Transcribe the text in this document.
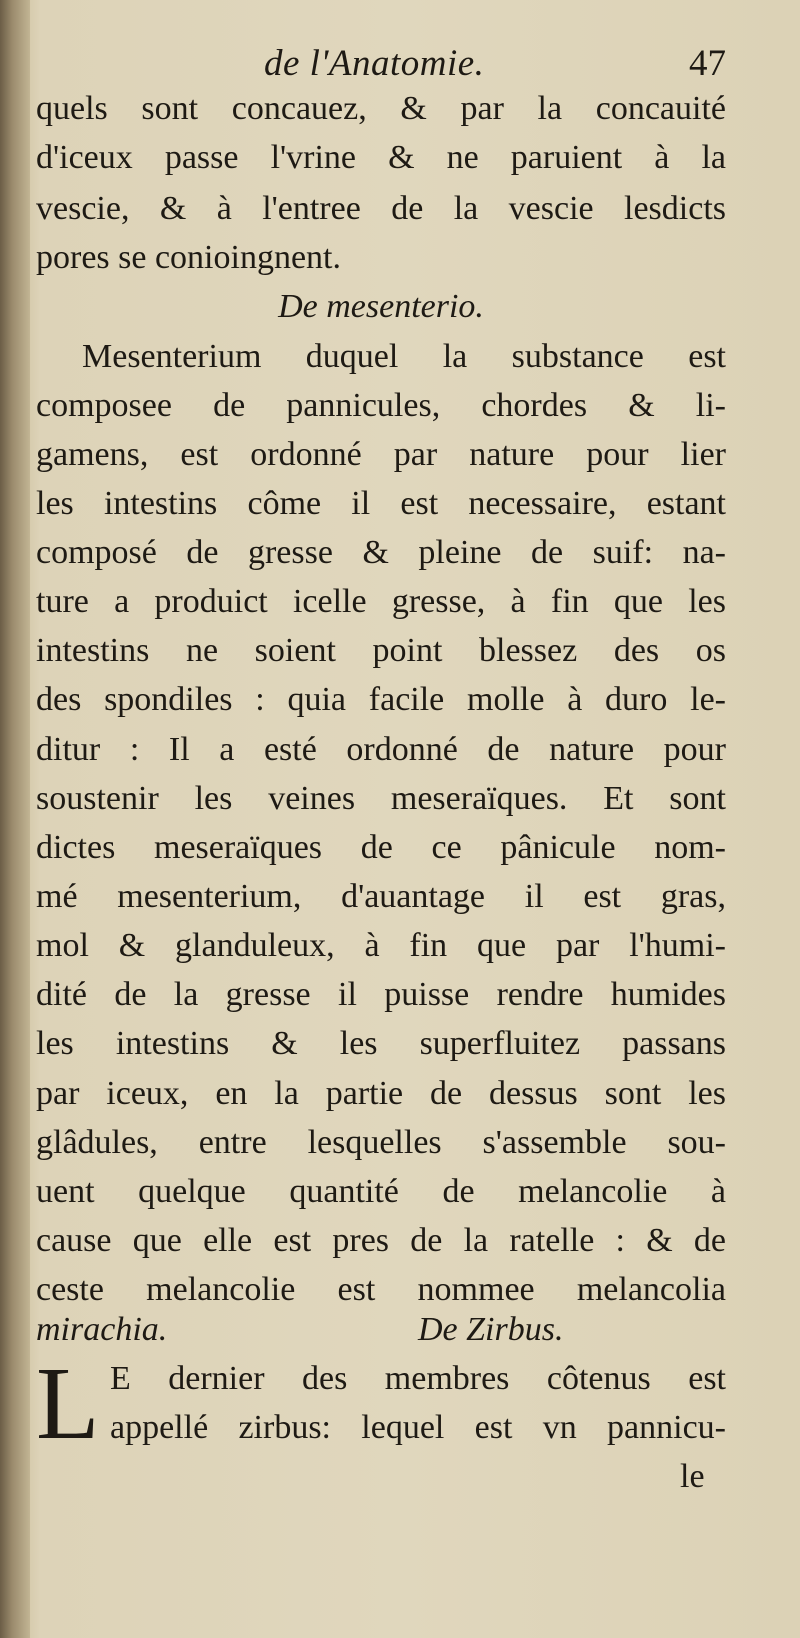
de l'Anatomie.	47
quels sont concauez, & par la concauité
d'iceux passe l'vrine & ne paruient à la
vescie, & à l'entree de la vescie lesdicts
pores se conioingnent.
De mesenterio.
Mesenterium duquel la substance est
composee de pannicules, chordes & li-
gamens, est ordonné par nature pour lier
les intestins côme il est necessaire, estant
composé de gresse & pleine de suif: na-
ture a produict icelle gresse, à fin que les
intestins ne soient point blessez des os
des spondiles : quia facile molle à duro le-
ditur : Il a esté ordonné de nature pour
soustenir les veines meseraïques. Et sont
dictes meseraïques de ce pânicule nom-
mé mesenterium, d'auantage il est gras,
mol & glanduleux, à fin que par l'humi-
dité de la gresse il puisse rendre humides
les intestins & les superfluitez passans
par iceux, en la partie de dessus sont les
glâdules, entre lesquelles s'assemble sou-
uent quelque quantité de melancolie à
cause que elle est pres de la ratelle : & de
ceste melancolie est nommee melancolia
mirachia.	De Zirbus.
L E dernier des membres côtenus est
appellé zirbus: lequel est vn pannicu-
le
